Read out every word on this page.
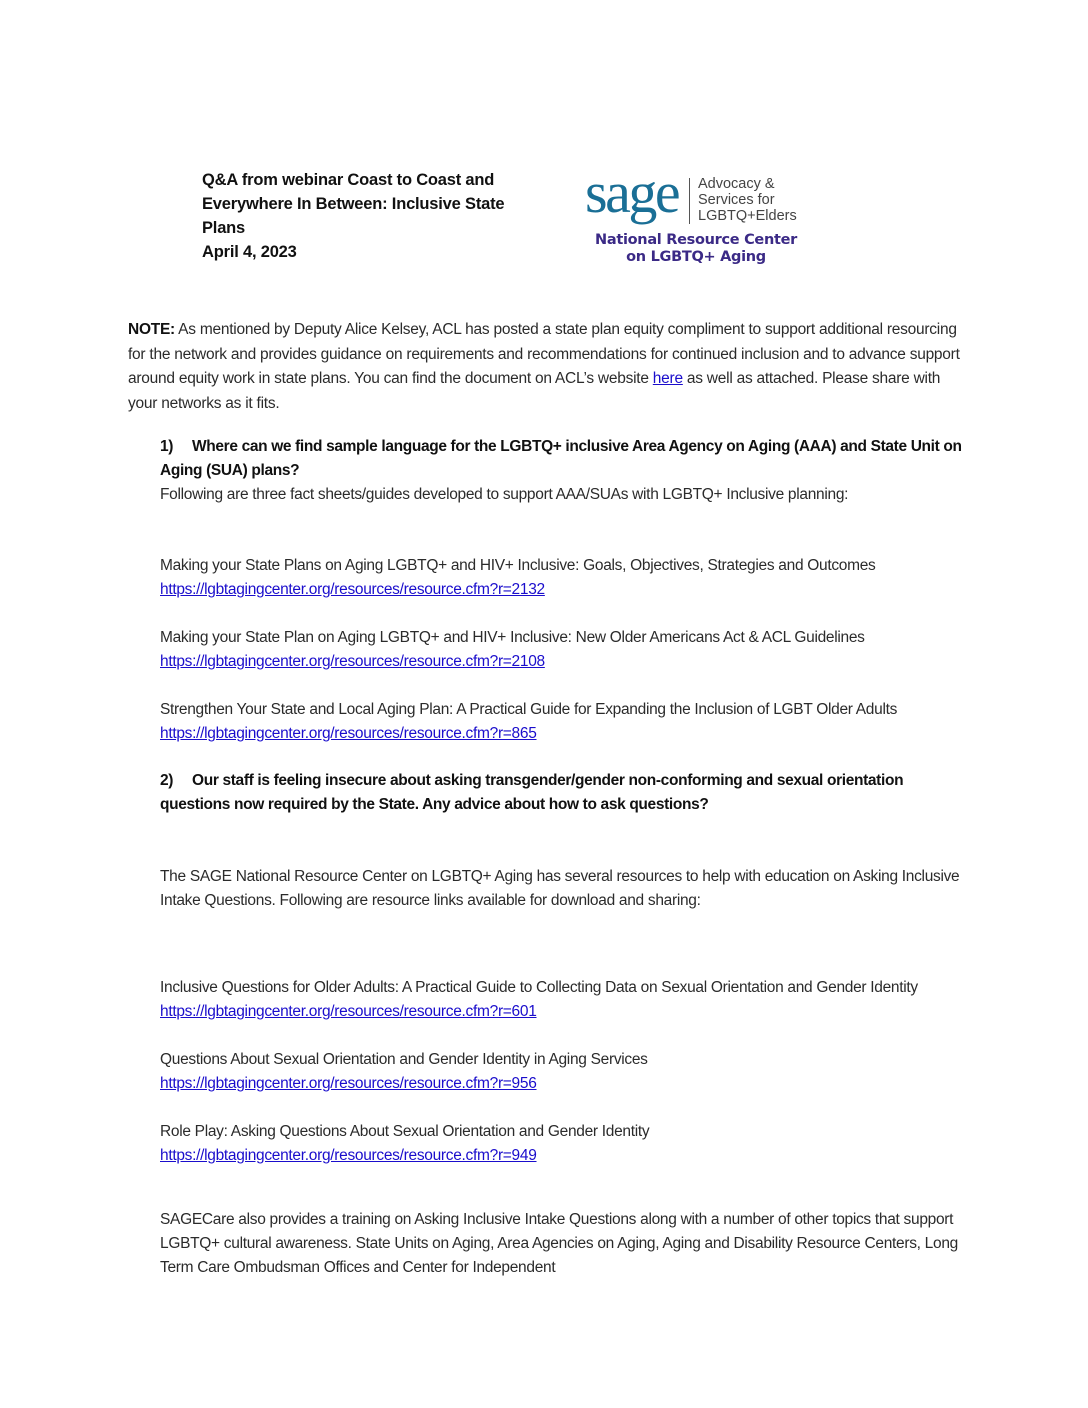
Q&A from webinar Coast to Coast and
Everywhere In Between: Inclusive State
Plans
April 4, 2023
sage Advocacy &
Services for
LGBTQ+Elders
National Resource Center
on LGBTQ+ Aging
NOTE: As mentioned by Deputy Alice Kelsey, ACL has posted a state plan equity compliment to support additional resourcing for the network and provides guidance on requirements and recommendations for continued inclusion and to advance support around equity work in state plans. You can find the document on ACL’s website here as well as attached. Please share with your networks as it fits.
1) Where can we find sample language for the LGBTQ+ inclusive Area Agency on Aging (AAA) and State Unit on Aging (SUA) plans?
Following are three fact sheets/guides developed to support AAA/SUAs with LGBTQ+ Inclusive planning:
Making your State Plans on Aging LGBTQ+ and HIV+ Inclusive: Goals, Objectives, Strategies and Outcomes https://lgbtagingcenter.org/resources/resource.cfm?r=2132
Making your State Plan on Aging LGBTQ+ and HIV+ Inclusive: New Older Americans Act & ACL Guidelines https://lgbtagingcenter.org/resources/resource.cfm?r=2108
Strengthen Your State and Local Aging Plan: A Practical Guide for Expanding the Inclusion of LGBT Older Adults https://lgbtagingcenter.org/resources/resource.cfm?r=865
2) Our staff is feeling insecure about asking transgender/gender non-conforming and sexual orientation questions now required by the State. Any advice about how to ask questions?
The SAGE National Resource Center on LGBTQ+ Aging has several resources to help with education on Asking Inclusive Intake Questions. Following are resource links available for download and sharing:
Inclusive Questions for Older Adults: A Practical Guide to Collecting Data on Sexual Orientation and Gender Identity https://lgbtagingcenter.org/resources/resource.cfm?r=601
Questions About Sexual Orientation and Gender Identity in Aging Services
https://lgbtagingcenter.org/resources/resource.cfm?r=956
Role Play: Asking Questions About Sexual Orientation and Gender Identity
https://lgbtagingcenter.org/resources/resource.cfm?r=949
SAGECare also provides a training on Asking Inclusive Intake Questions along with a number of other topics that support LGBTQ+ cultural awareness. State Units on Aging, Area Agencies on Aging, Aging and Disability Resource Centers, Long Term Care Ombudsman Offices and Center for Independent
